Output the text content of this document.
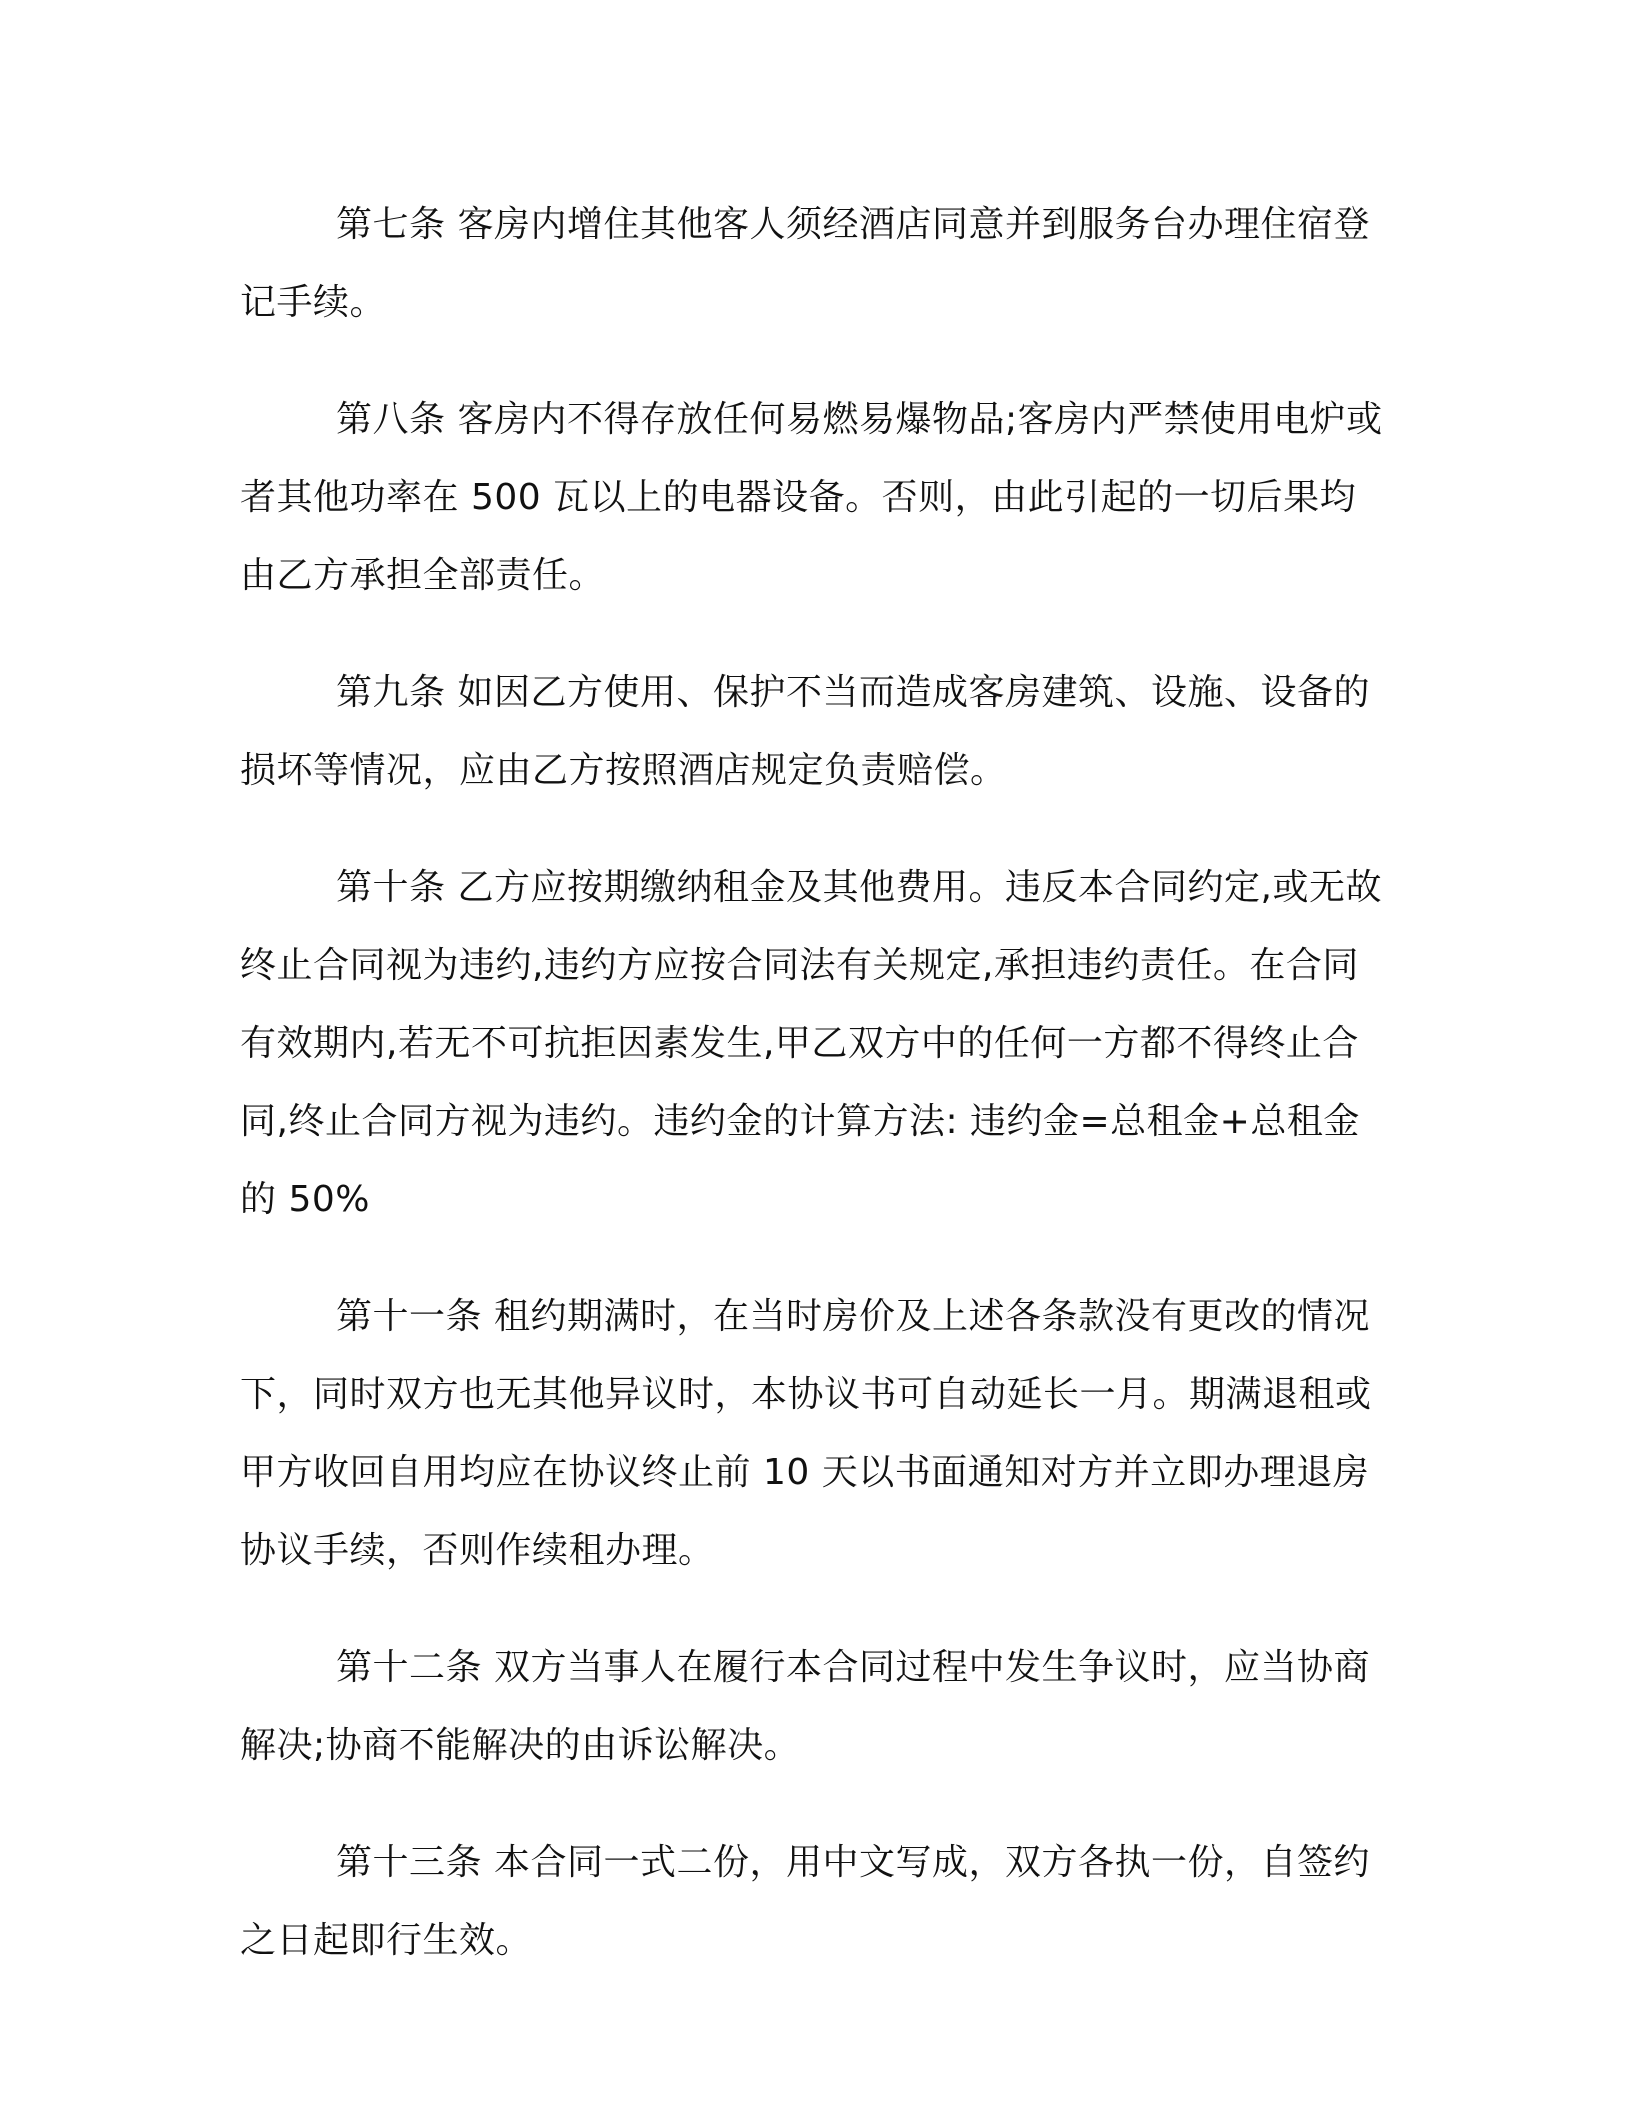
第七条 客房内增住其他客人须经酒店同意并到服务台办理住宿登记手续。

第八条 客房内不得存放任何易燃易爆物品;客房内严禁使用电炉或者其他功率在 500 瓦以上的电器设备。否则，由此引起的一切后果均由乙方承担全部责任。

第九条 如因乙方使用、保护不当而造成客房建筑、设施、设备的损坏等情况，应由乙方按照酒店规定负责赔偿。

第十条 乙方应按期缴纳租金及其他费用。违反本合同约定,或无故终止合同视为违约,违约方应按合同法有关规定,承担违约责任。在合同有效期内,若无不可抗拒因素发生,甲乙双方中的任何一方都不得终止合同,终止合同方视为违约。违约金的计算方法: 违约金=总租金+总租金的 50%

第十一条 租约期满时，在当时房价及上述各条款没有更改的情况下，同时双方也无其他异议时，本协议书可自动延长一月。期满退租或甲方收回自用均应在协议终止前 10 天以书面通知对方并立即办理退房协议手续，否则作续租办理。

第十二条 双方当事人在履行本合同过程中发生争议时，应当协商解决;协商不能解决的由诉讼解决。

第十三条 本合同一式二份，用中文写成，双方各执一份，自签约之日起即行生效。
